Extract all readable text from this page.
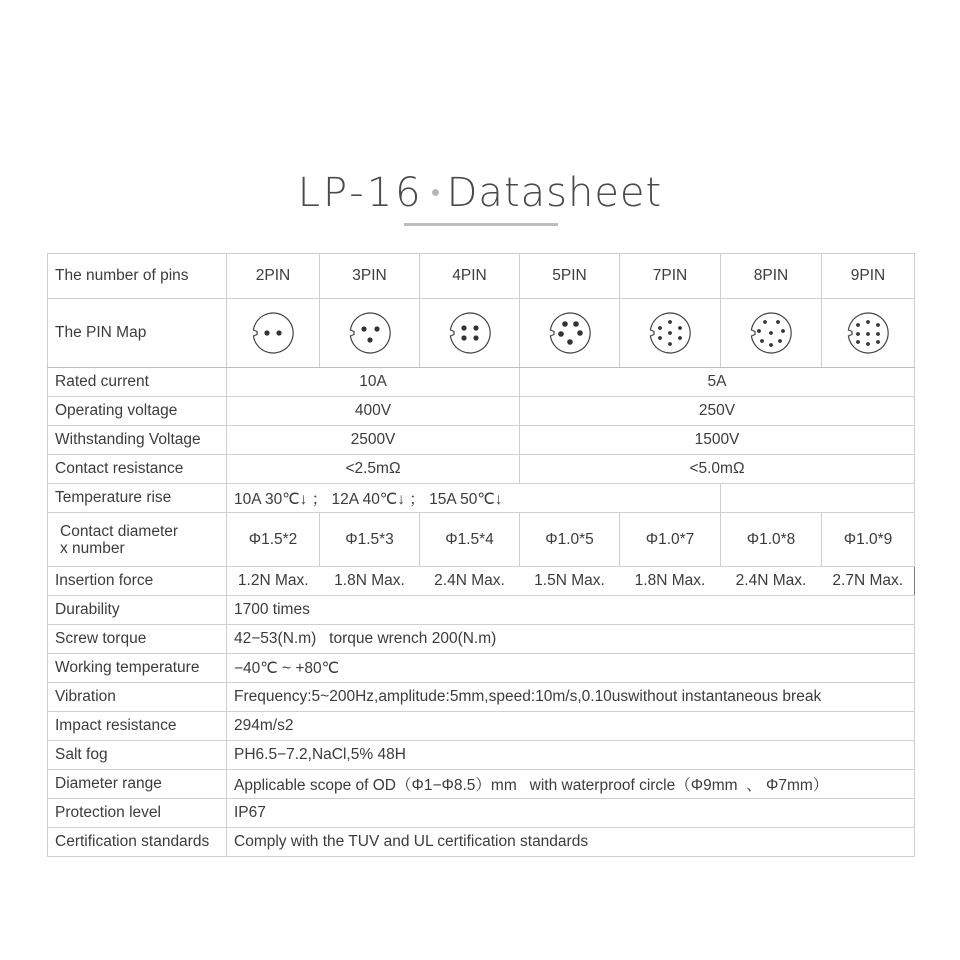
LP-16 Datasheet
The number of pins	2PIN	3PIN	4PIN	5PIN	7PIN	8PIN	9PIN
The PIN Map	

Rated current	10A			5A			
Operating voltage	400V			250V			
Withstanding Voltage	2500V			1500V			
Contact resistance	<2.5mΩ			<5.0mΩ			
Temperature rise	10A 30℃↓ ； 12A 40℃↓ ； 15A 50℃↓						
Contact diameter
x number	Φ1.5*2	Φ1.5*3	Φ1.5*4	Φ1.0*5	Φ1.0*7	Φ1.0*8	Φ1.0*9
Insertion force	1.2N Max.	1.8N Max.	2.4N Max.	1.5N Max.	1.8N Max.	2.4N Max.	2.7N Max.
Durability	1700 times						
Screw torque	42−53(N.m)   torque wrench 200(N.m)						
Working temperature	−40℃ ~ +80℃						
Vibration	Frequency:5~200Hz,amplitude:5mm,speed:10m/s,0.10uswithout instantaneous break						
Impact resistance	294m/s2						
Salt fog	PH6.5−7.2,NaCl,5% 48H						
Diameter range	Applicable scope of OD（Φ1−Φ8.5）mm   with waterproof circle（Φ9mm  、 Φ7mm）						
Protection level	IP67						
Certification standards	Comply with the TUV and UL certification standards						
